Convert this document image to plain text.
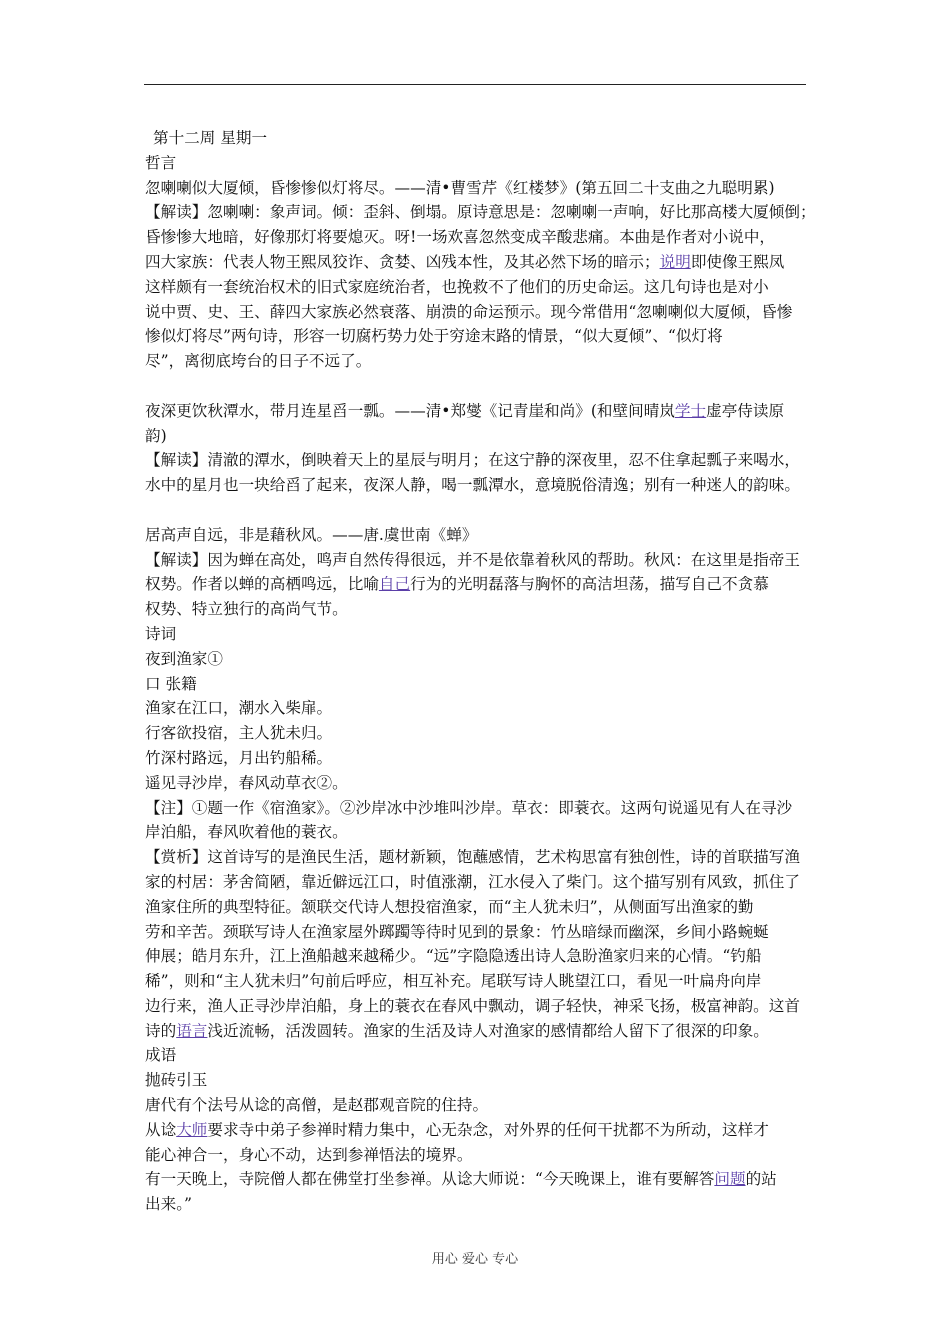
第十二周 星期一
哲言
忽喇喇似大厦倾，昏惨惨似灯将尽。——清•曹雪芹《红楼梦》(第五回二十支曲之九聪明累)
【解读】忽喇喇：象声词。倾：歪斜、倒塌。原诗意思是：忽喇喇一声响，好比那高楼大厦倾倒；
昏惨惨大地暗，好像那灯将要熄灭。呀!一场欢喜忽然变成辛酸悲痛。本曲是作者对小说中，
四大家族：代表人物王熙凤狡诈、贪婪、凶残本性，及其必然下场的暗示；说明即使像王熙凤
这样颇有一套统治权术的旧式家庭统治者，也挽救不了他们的历史命运。这几句诗也是对小
说中贾、史、王、薛四大家族必然衰落、崩溃的命运预示。现今常借用“忽喇喇似大厦倾，昏惨
惨似灯将尽”两句诗，形容一切腐朽势力处于穷途末路的情景，“似大夏倾”、“似灯将
尽”，离彻底垮台的日子不远了。
夜深更饮秋潭水，带月连星舀一瓢。——清•郑燮《记青崖和尚》(和壁间晴岚学士虚亭侍读原
韵)
【解读】清澈的潭水，倒映着天上的星辰与明月；在这宁静的深夜里，忍不住拿起瓢子来喝水，
水中的星月也一块给舀了起来，夜深人静，喝一瓢潭水，意境脱俗清逸；别有一种迷人的韵味。
居高声自远，非是藉秋风。——唐.虞世南《蝉》
【解读】因为蝉在高处，鸣声自然传得很远，并不是依靠着秋风的帮助。秋风：在这里是指帝王
权势。作者以蝉的高栖鸣远，比喻自己行为的光明磊落与胸怀的高洁坦荡，描写自己不贪慕
权势、特立独行的高尚气节。
诗词
夜到渔家①
口 张籍
渔家在江口，潮水入柴扉。
行客欲投宿，主人犹未归。
竹深村路远，月出钓船稀。
遥见寻沙岸，春风动草衣②。
【注】①题一作《宿渔家》。②沙岸冰中沙堆叫沙岸。草衣：即蓑衣。这两句说遥见有人在寻沙
岸泊船，春风吹着他的蓑衣。
【赏析】这首诗写的是渔民生活，题材新颖，饱蘸感情，艺术构思富有独创性，诗的首联描写渔
家的村居：茅舍简陋，靠近僻远江口，时值涨潮，江水侵入了柴门。这个描写别有风致，抓住了
渔家住所的典型特征。颔联交代诗人想投宿渔家，而“主人犹未归”，从侧面写出渔家的勤
劳和辛苦。颈联写诗人在渔家屋外踯躅等待时见到的景象：竹丛暗绿而幽深，乡间小路蜿蜒
伸展；皓月东升，江上渔船越来越稀少。“远”字隐隐透出诗人急盼渔家归来的心情。“钓船
稀”，则和“主人犹未归”句前后呼应，相互补充。尾联写诗人眺望江口，看见一叶扁舟向岸
边行来，渔人正寻沙岸泊船，身上的蓑衣在春风中飘动，调子轻快，神采飞扬，极富神韵。这首
诗的语言浅近流畅，活泼圆转。渔家的生活及诗人对渔家的感情都给人留下了很深的印象。
成语
抛砖引玉
唐代有个法号从谂的高僧，是赵郡观音院的住持。
从谂大师要求寺中弟子参禅时精力集中，心无杂念，对外界的任何干扰都不为所动，这样才
能心神合一，身心不动，达到参禅悟法的境界。
有一天晚上，寺院僧人都在佛堂打坐参禅。从谂大师说：“今天晚课上，谁有要解答问题的站
出来。”
用心 爱心 专心
